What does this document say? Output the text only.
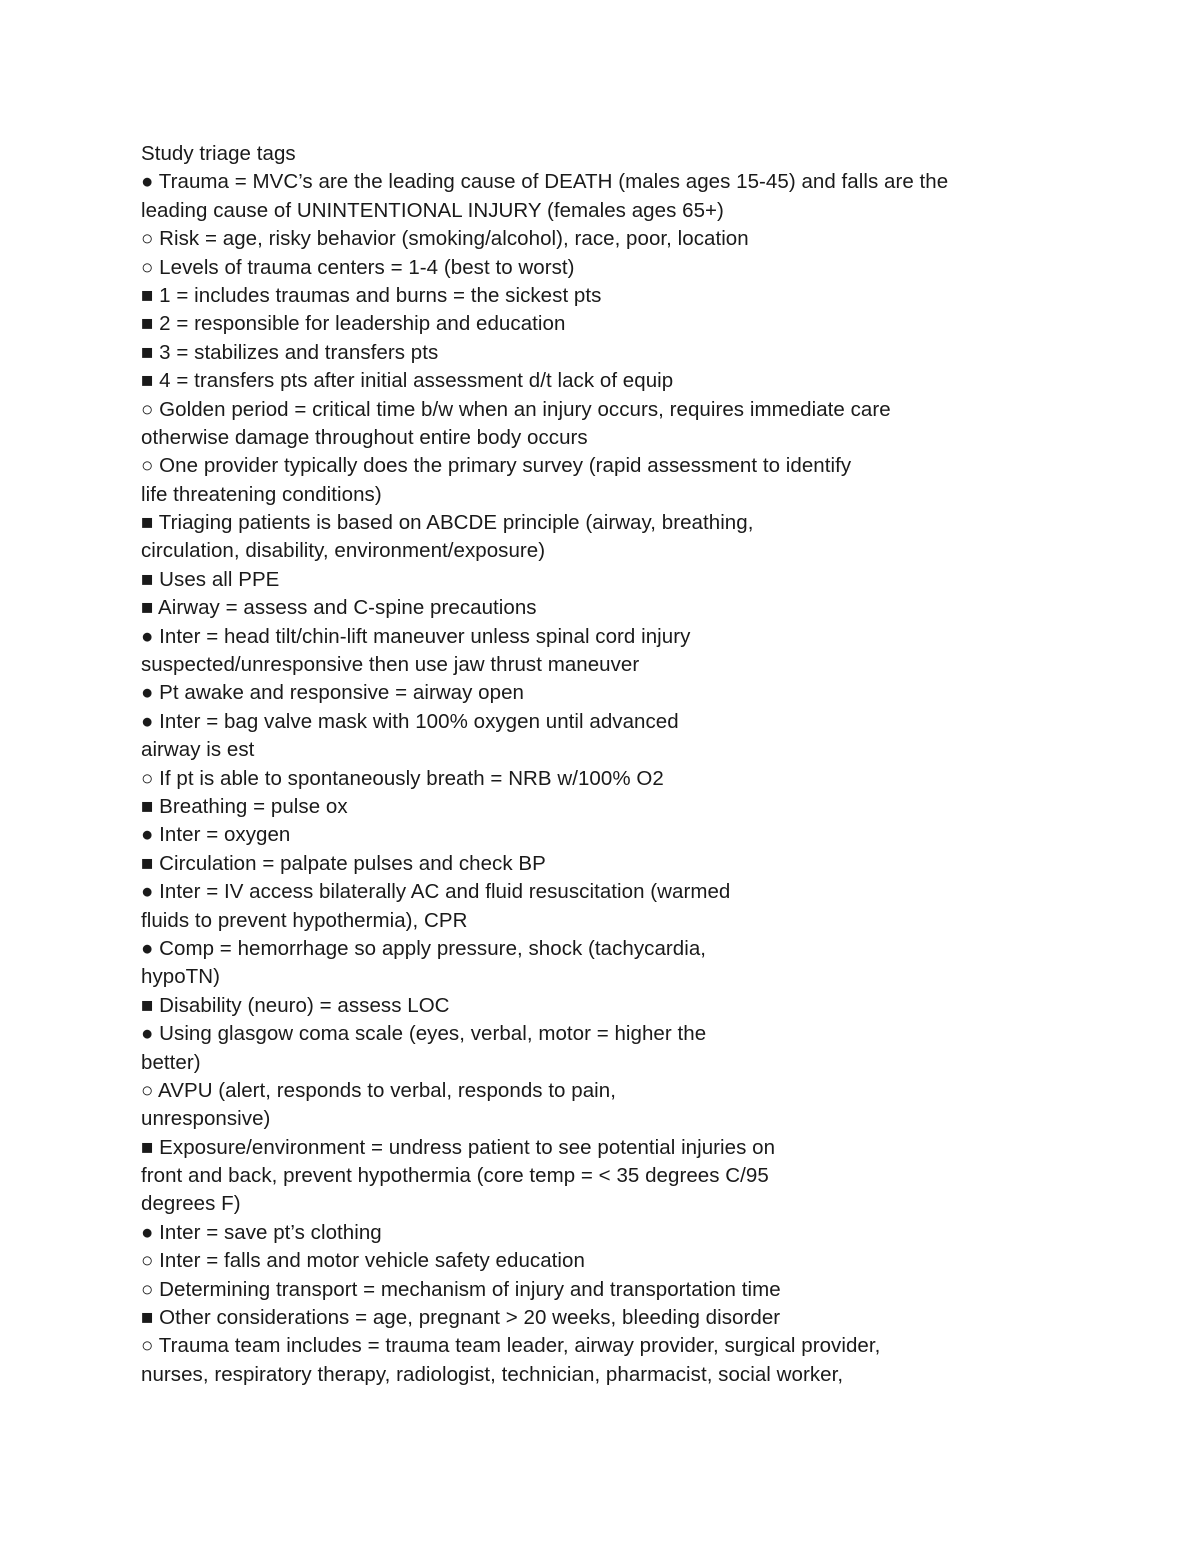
Study triage tags
● Trauma = MVC’s are the leading cause of DEATH (males ages 15-45) and falls are the
leading cause of UNINTENTIONAL INJURY (females ages 65+)
○ Risk = age, risky behavior (smoking/alcohol), race, poor, location
○ Levels of trauma centers = 1-4 (best to worst)
■ 1 = includes traumas and burns = the sickest pts
■ 2 = responsible for leadership and education
■ 3 = stabilizes and transfers pts
■ 4 = transfers pts after initial assessment d/t lack of equip
○ Golden period = critical time b/w when an injury occurs, requires immediate care
otherwise damage throughout entire body occurs
○ One provider typically does the primary survey (rapid assessment to identify
life threatening conditions)
■ Triaging patients is based on ABCDE principle (airway, breathing,
circulation, disability, environment/exposure)
■ Uses all PPE
■ Airway = assess and C-spine precautions
● Inter = head tilt/chin-lift maneuver unless spinal cord injury
suspected/unresponsive then use jaw thrust maneuver
● Pt awake and responsive = airway open
● Inter = bag valve mask with 100% oxygen until advanced
airway is est
○ If pt is able to spontaneously breath = NRB w/100% O2
■ Breathing = pulse ox
● Inter = oxygen
■ Circulation = palpate pulses and check BP
● Inter = IV access bilaterally AC and fluid resuscitation (warmed
fluids to prevent hypothermia), CPR
● Comp = hemorrhage so apply pressure, shock (tachycardia,
hypoTN)
■ Disability (neuro) = assess LOC
● Using glasgow coma scale (eyes, verbal, motor = higher the
better)
○ AVPU (alert, responds to verbal, responds to pain,
unresponsive)
■ Exposure/environment = undress patient to see potential injuries on
front and back, prevent hypothermia (core temp = < 35 degrees C/95
degrees F)
● Inter = save pt’s clothing
○ Inter = falls and motor vehicle safety education
○ Determining transport = mechanism of injury and transportation time
■ Other considerations = age, pregnant > 20 weeks, bleeding disorder
○ Trauma team includes = trauma team leader, airway provider, surgical provider,
nurses, respiratory therapy, radiologist, technician, pharmacist, social worker,
